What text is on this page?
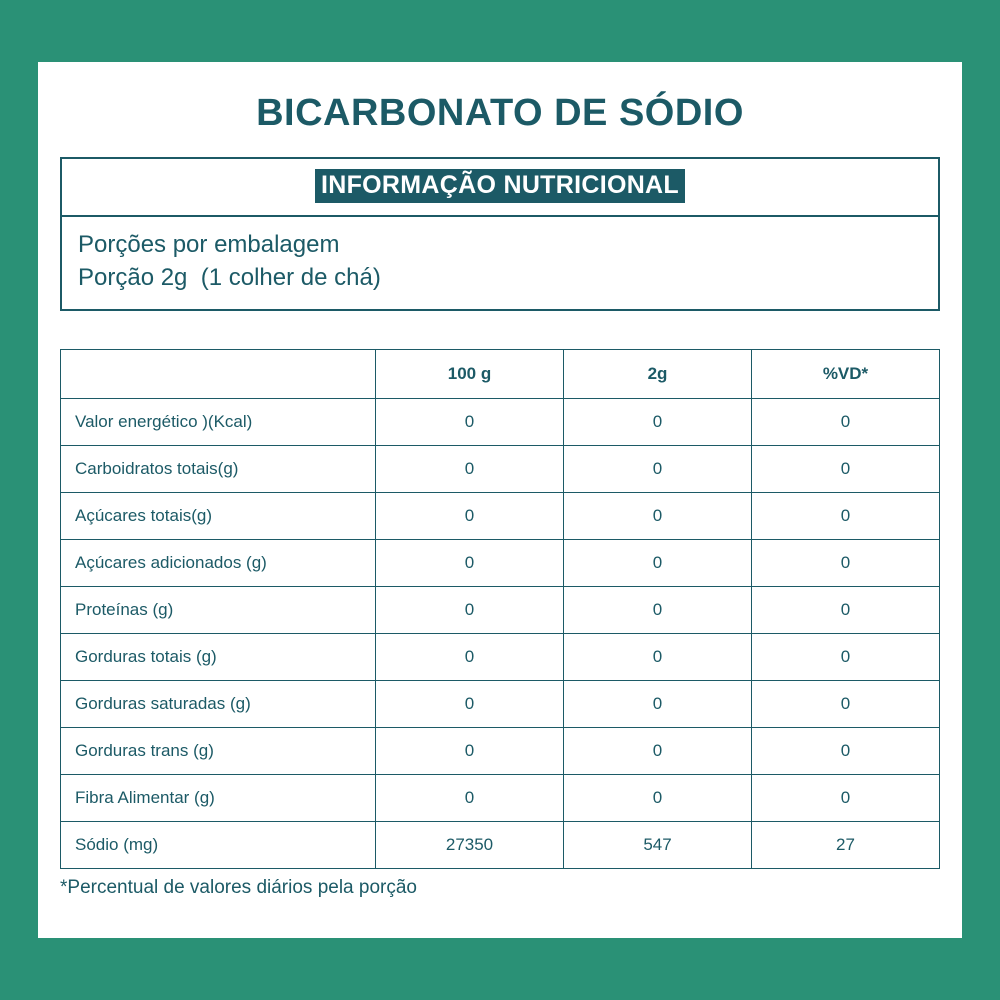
BICARBONATO DE SÓDIO
INFORMAÇÃO NUTRICIONAL
Porções por embalagem
Porção 2g  (1 colher de chá)
	100 g	2g	%VD*
Valor energético )(Kcal)	0	0	0
Carboidratos totais(g)	0	0	0
Açúcares totais(g)	0	0	0
Açúcares adicionados (g)	0	0	0
Proteínas (g)	0	0	0
Gorduras totais (g)	0	0	0
Gorduras saturadas (g)	0	0	0
Gorduras trans (g)	0	0	0
Fibra Alimentar (g)	0	0	0
Sódio (mg)	27350	547	27
*Percentual de valores diários pela porção
